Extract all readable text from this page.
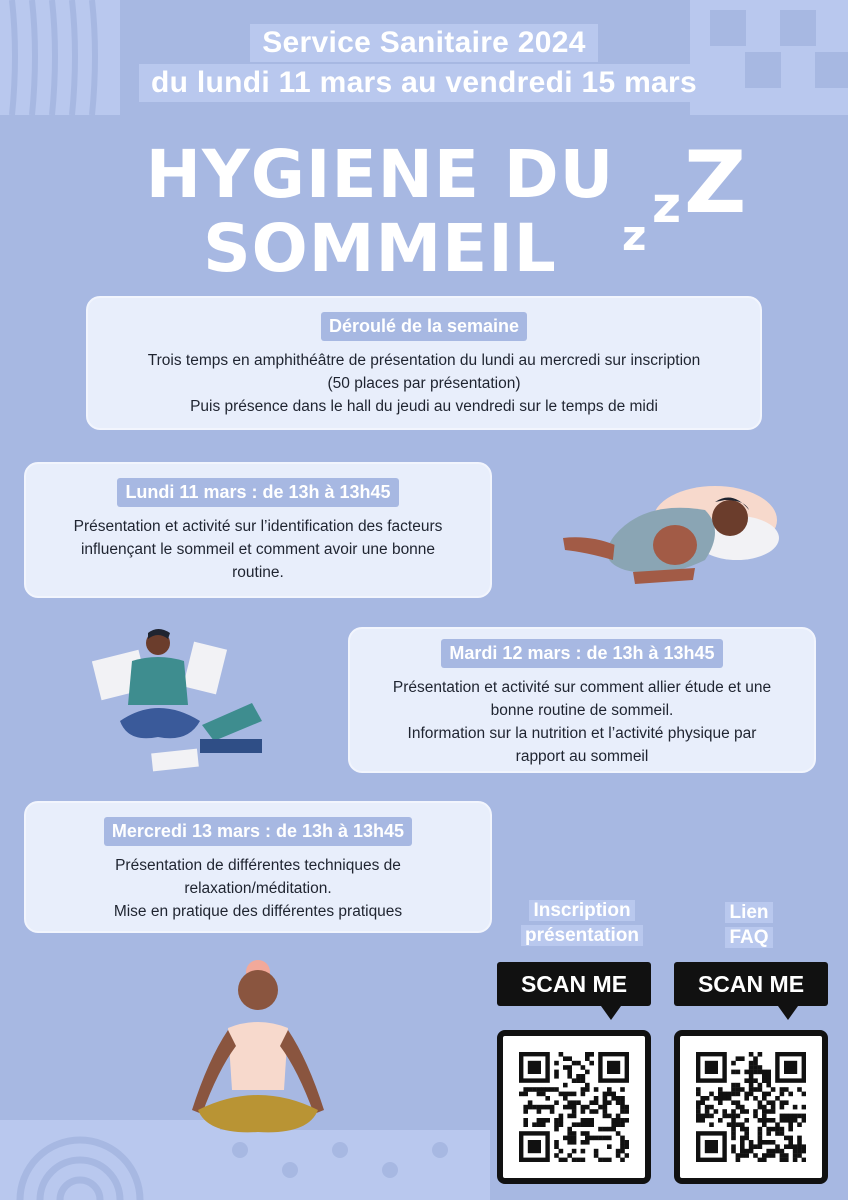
Service Sanitaire 2024
du lundi 11 mars au vendredi 15 mars
HYGIENE DU
SOMMEIL	z
z Z
Déroulé de la semaine

Trois temps en amphithéâtre de présentation du lundi au mercredi sur inscription

(50 places par présentation)

Puis présence dans le hall du jeudi au vendredi sur le temps de midi

Lundi 11 mars : de 13h à 13h45

Présentation et activité sur l’identification des facteurs

influençant le sommeil et comment avoir une bonne

routine.

Mardi 12 mars : de 13h à 13h45

Présentation et activité sur comment allier étude et une

bonne routine de sommeil.

Information sur la nutrition et l’activité physique par

rapport au sommeil

Mercredi 13 mars : de 13h à 13h45

Présentation de différentes techniques de

relaxation/méditation.

Mise en pratique des différentes pratiques	Inscription
présentation
SCAN ME
Lien
FAQ
SCAN ME
